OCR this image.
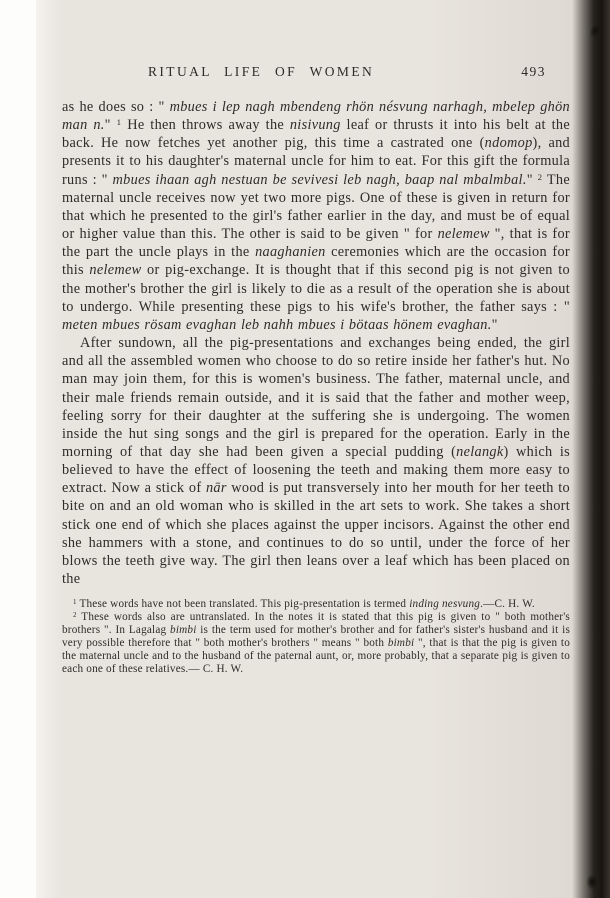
RITUAL LIFE OF WOMEN	493

as he does so : " mbues i lep nagh mbendeng rhön nésvung narhagh, mbelep ghön man n." $^1$ He then throws away the nisivung leaf or thrusts it into his belt at the back. He now fetches yet another pig, this time a castrated one (ndomop), and presents it to his daughter's maternal uncle for him to eat. For this gift the formula runs : " mbues ihaan agh nestuan be sevivesi leb nagh, baap nal mbalmbal." $^2$ The maternal uncle receives now yet two more pigs. One of these is given in return for that which he presented to the girl's father earlier in the day, and must be of equal or higher value than this. The other is said to be given " for nelemew ", that is for the part the uncle plays in the naaghanien ceremonies which are the occasion for this nelemew or pig-exchange. It is thought that if this second pig is not given to the mother's brother the girl is likely to die as a result of the operation she is about to undergo. While presenting these pigs to his wife's brother, the father says : " meten mbues rösam evaghan leb nahh mbues i bötaas hönem evaghan."

After sundown, all the pig-presentations and exchanges being ended, the girl and all the assembled women who choose to do so retire inside her father's hut. No man may join them, for this is women's business. The father, maternal uncle, and their male friends remain outside, and it is said that the father and mother weep, feeling sorry for their daughter at the suffering she is undergoing. The women inside the hut sing songs and the girl is prepared for the operation. Early in the morning of that day she had been given a special pudding (nelangk) which is believed to have the effect of loosening the teeth and making them more easy to extract. Now a stick of nār wood is put transversely into her mouth for her teeth to bite on and an old woman who is skilled in the art sets to work. She takes a short stick one end of which she places against the upper incisors. Against the other end she hammers with a stone, and continues to do so until, under the force of her blows the teeth give way. The girl then leans over a leaf which has been placed on the

$^1$ These words have not been translated. This pig-presentation is termed inding nesvung.—C. H. W.

$^2$ These words also are untranslated. In the notes it is stated that this pig is given to " both mother's brothers ". In Lagalag bimbi is the term used for mother's brother and for father's sister's husband and it is very possible therefore that " both mother's brothers " means " both bimbi ", that is that the pig is given to the maternal uncle and to the husband of the paternal aunt, or, more probably, that a separate pig is given to each one of these relatives.— C. H. W.
